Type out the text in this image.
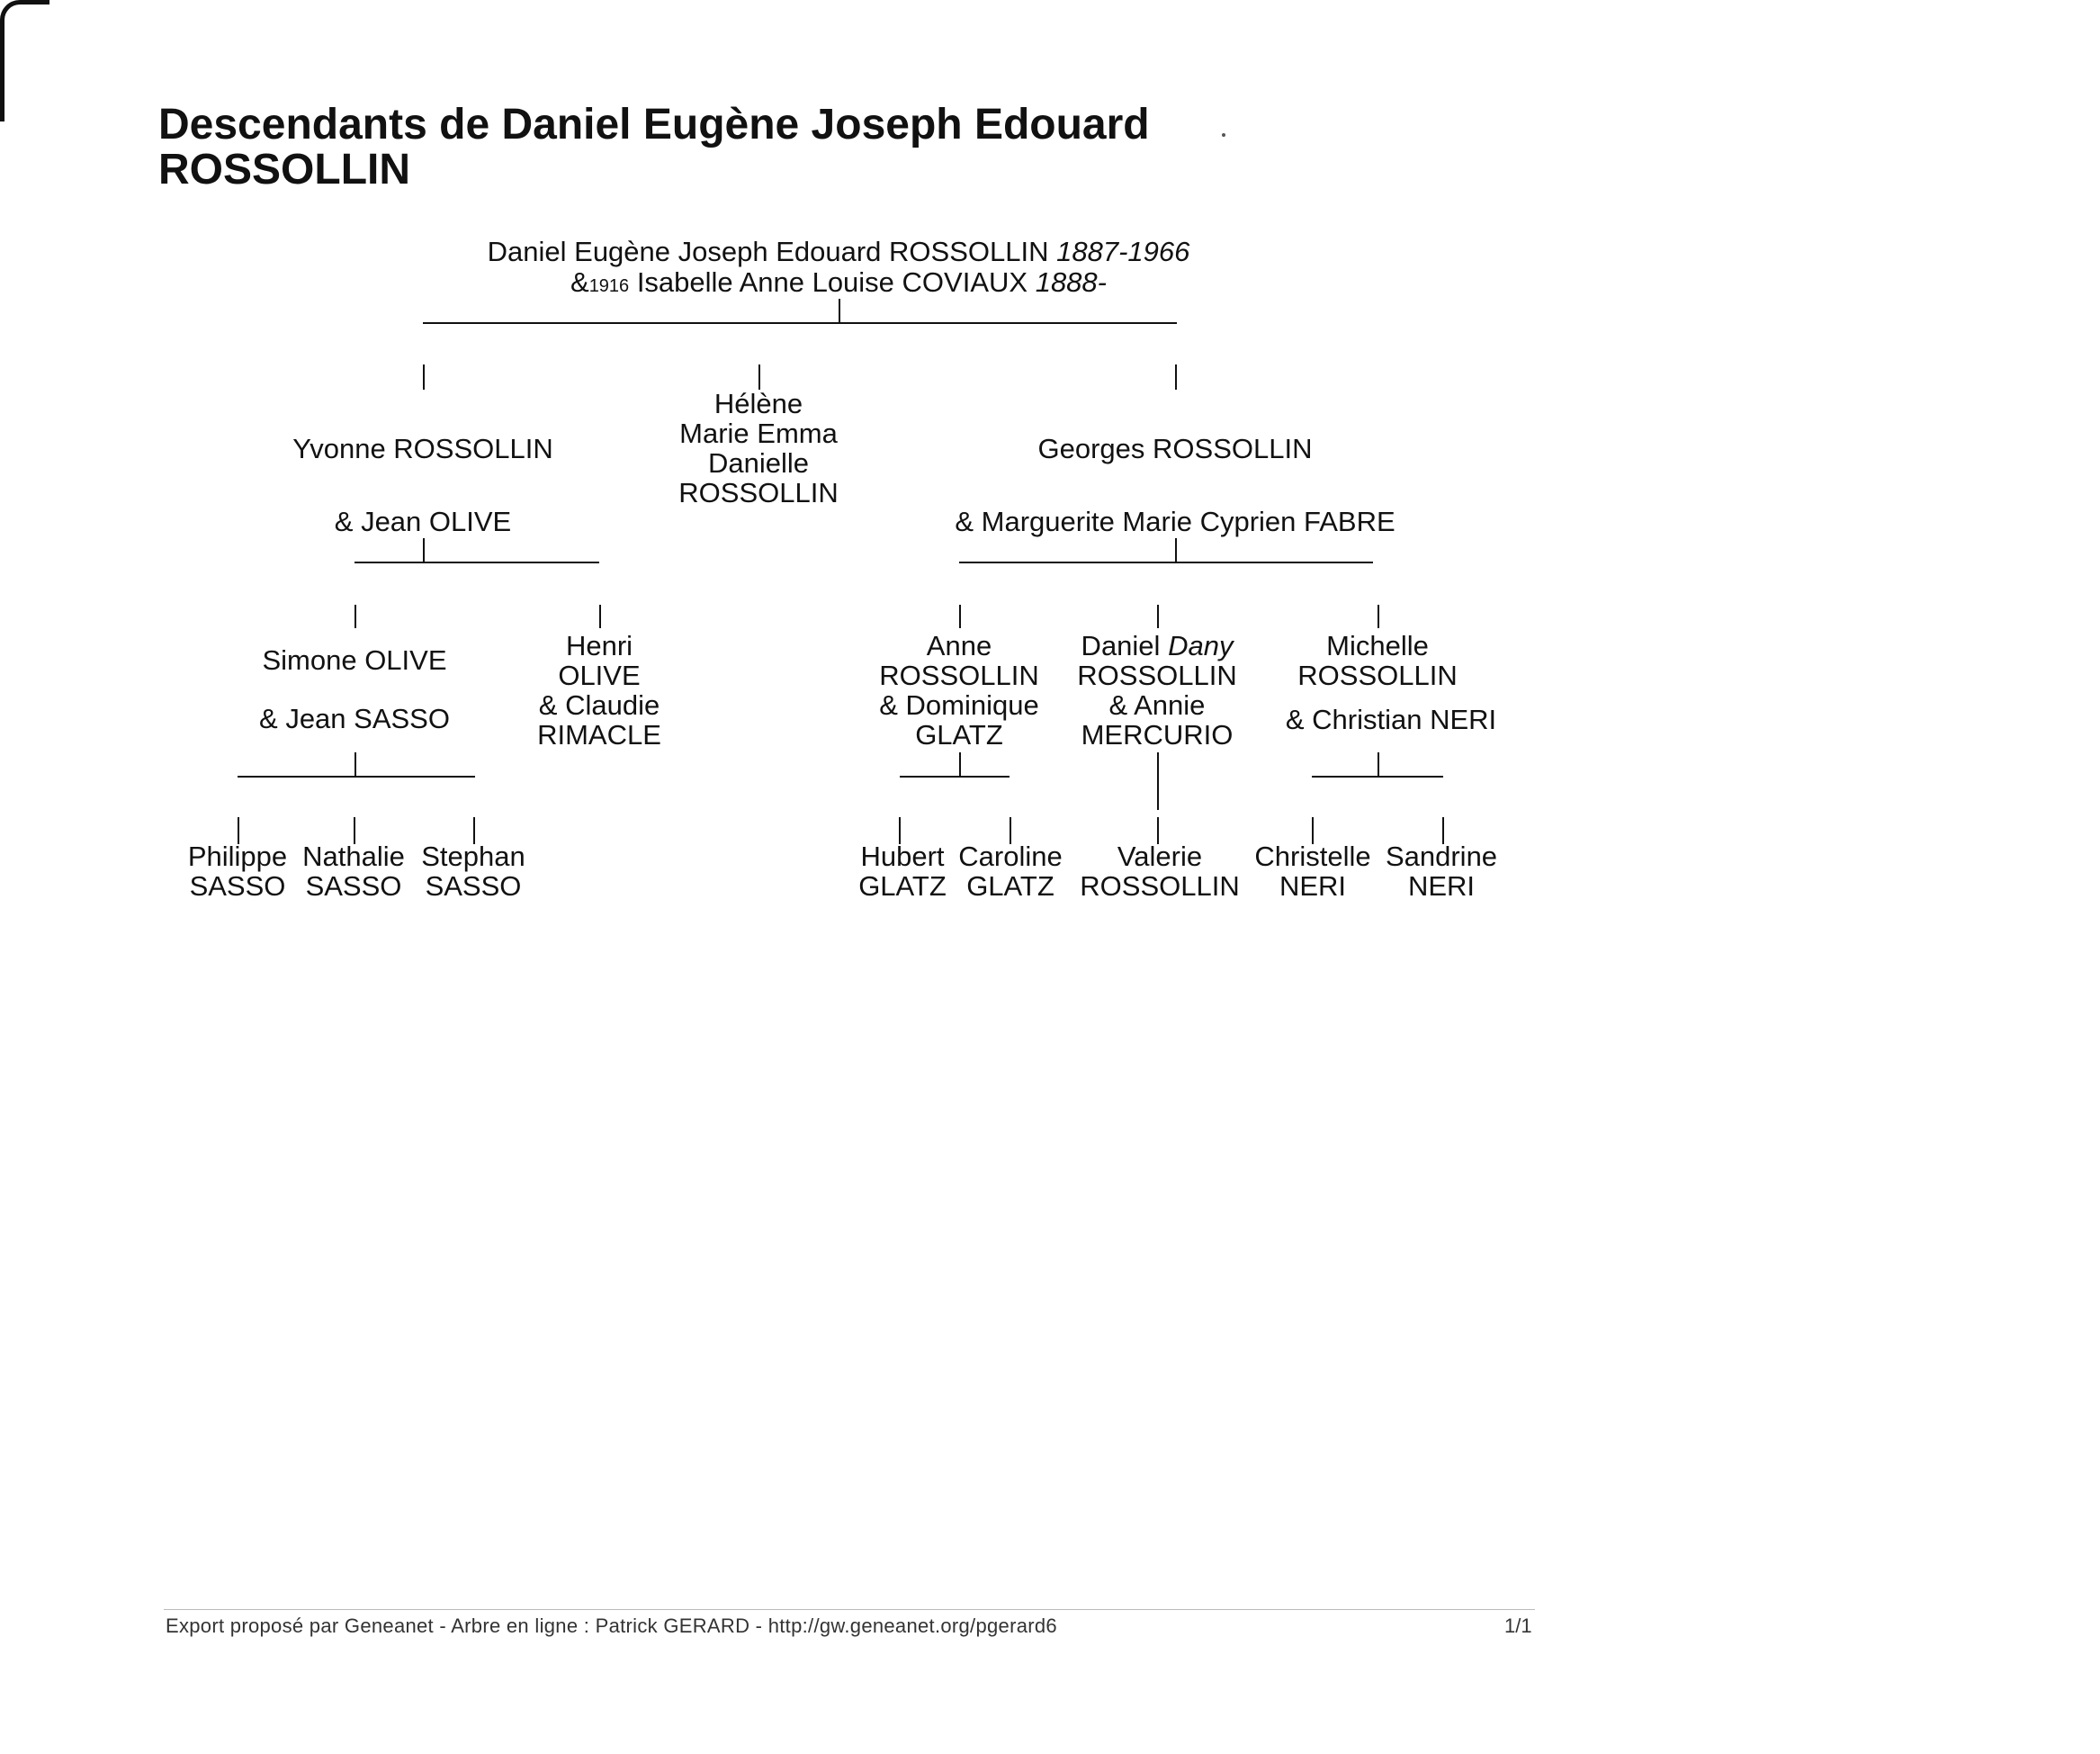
Descendants de Daniel Eugène Joseph Edouard
ROSSOLLIN
Daniel Eugène Joseph Edouard ROSSOLLIN 1887-1966
&1916 Isabelle Anne Louise COVIAUX 1888-
Yvonne ROSSOLLIN
& Jean OLIVE
Hélène
Marie Emma
Danielle
ROSSOLLIN
Georges ROSSOLLIN
& Marguerite Marie Cyprien FABRE
Simone OLIVE
& Jean SASSO
Henri
OLIVE
& Claudie
RIMACLE
Anne
ROSSOLLIN
& Dominique
GLATZ
Daniel Dany
ROSSOLLIN
& Annie
MERCURIO
Michelle
ROSSOLLIN
& Christian NERI
Philippe
SASSO
Nathalie
SASSO
Stephan
SASSO
Hubert
GLATZ
Caroline
GLATZ
Valerie
ROSSOLLIN
Christelle
NERI
Sandrine
NERI
Export proposé par Geneanet - Arbre en ligne : Patrick GERARD - http://gw.geneanet.org/pgerard6	1/1
